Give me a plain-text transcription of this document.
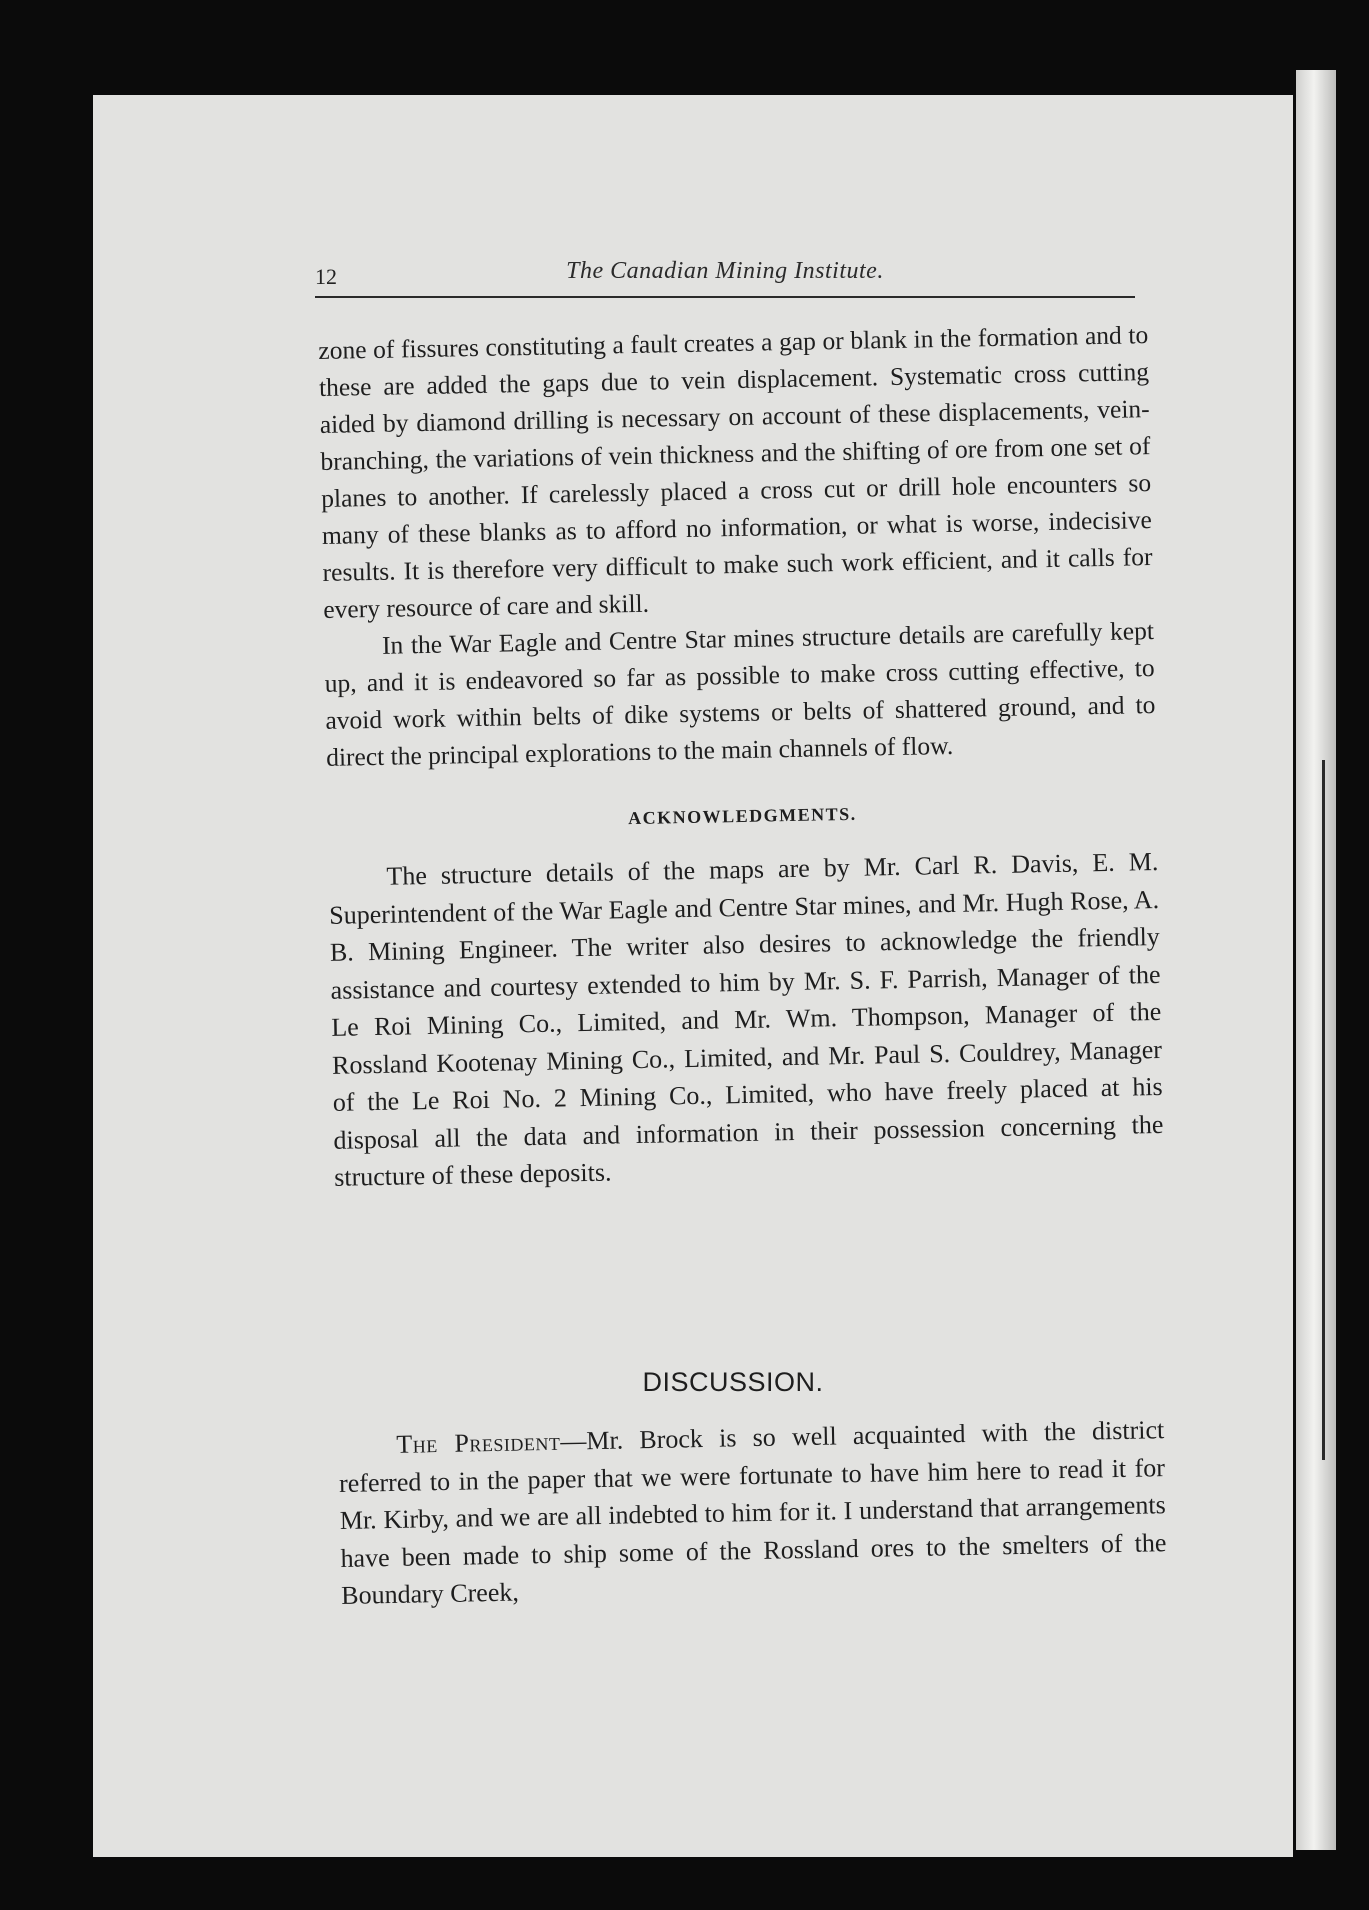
12	The Canadian Mining Institute.

zone of fissures constituting a fault creates a gap or blank in the formation and to these are added the gaps due to vein displacement. Systematic cross cutting aided by diamond drilling is necessary on account of these displacements, vein-branching, the variations of vein thickness and the shifting of ore from one set of planes to another. If carelessly placed a cross cut or drill hole encounters so many of these blanks as to afford no information, or what is worse, indecisive results. It is therefore very difficult to make such work efficient, and it calls for every resource of care and skill.

In the War Eagle and Centre Star mines structure details are carefully kept up, and it is endeavored so far as possible to make cross cutting effective, to avoid work within belts of dike systems or belts of shattered ground, and to direct the principal explorations to the main channels of flow.

ACKNOWLEDGMENTS.

The structure details of the maps are by Mr. Carl R. Davis, E. M. Superintendent of the War Eagle and Centre Star mines, and Mr. Hugh Rose, A. B. Mining Engineer. The writer also desires to acknowledge the friendly assistance and courtesy extended to him by Mr. S. F. Parrish, Manager of the Le Roi Mining Co., Limited, and Mr. Wm. Thompson, Manager of the Rossland Kootenay Mining Co., Limited, and Mr. Paul S. Couldrey, Manager of the Le Roi No. 2 Mining Co., Limited, who have freely placed at his disposal all the data and information in their possession concerning the structure of these deposits.

DISCUSSION.

The President—Mr. Brock is so well acquainted with the district referred to in the paper that we were fortunate to have him here to read it for Mr. Kirby, and we are all indebted to him for it. I understand that arrangements have been made to ship some of the Rossland ores to the smelters of the Boundary Creek,
